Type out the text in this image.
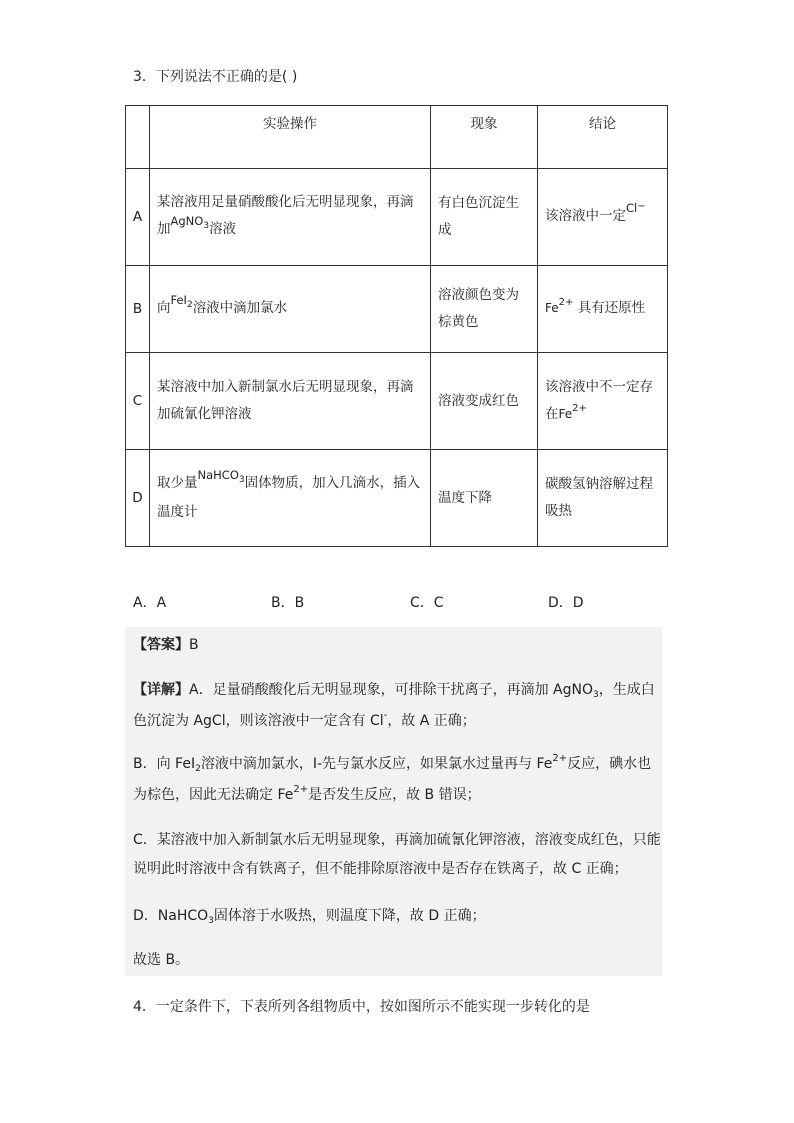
3．下列说法不正确的是( )
	实验操作	现象	结论
A	某溶液用足量硝酸酸化后无明显现象，再滴加AgNO$^3$溶液	有白色沉淀生成	该溶液中一定Cl−
B	向FeI$^2$溶液中滴加氯水	溶液颜色变为棕黄色	$Fe^{2+}$ 具有还原性
C	某溶液中加入新制氯水后无明显现象，再滴加硫氰化钾溶液	溶液变成红色	该溶液中不一定存在$Fe^{2+}$
D	取少量NaHCO$^3$固体物质，加入几滴水，插入温度计	温度下降	碳酸氢钠溶解过程吸热
A．A	B．B	C．C	D．D
【答案】B
【详解】A．足量硝酸酸化后无明显现象，可排除干扰离子，再滴加 AgNO$_3$，生成白色沉淀为 AgCl，则该溶液中一定含有 Cl-，故 A 正确；
B．向 FeI$_2$溶液中滴加氯水，I-先与氯水反应，如果氯水过量再与 $Fe^{2+}$反应，碘水也为棕色，因此无法确定 $Fe^{2+}$是否发生反应，故 B 错误；
C．某溶液中加入新制氯水后无明显现象，再滴加硫氰化钾溶液，溶液变成红色，只能说明此时溶液中含有铁离子，但不能排除原溶液中是否存在铁离子，故 C 正确；
D．NaHCO$_3$固体溶于水吸热，则温度下降，故 D 正确；
故选 B。
4．一定条件下，下表所列各组物质中，按如图所示不能实现一步转化的是
